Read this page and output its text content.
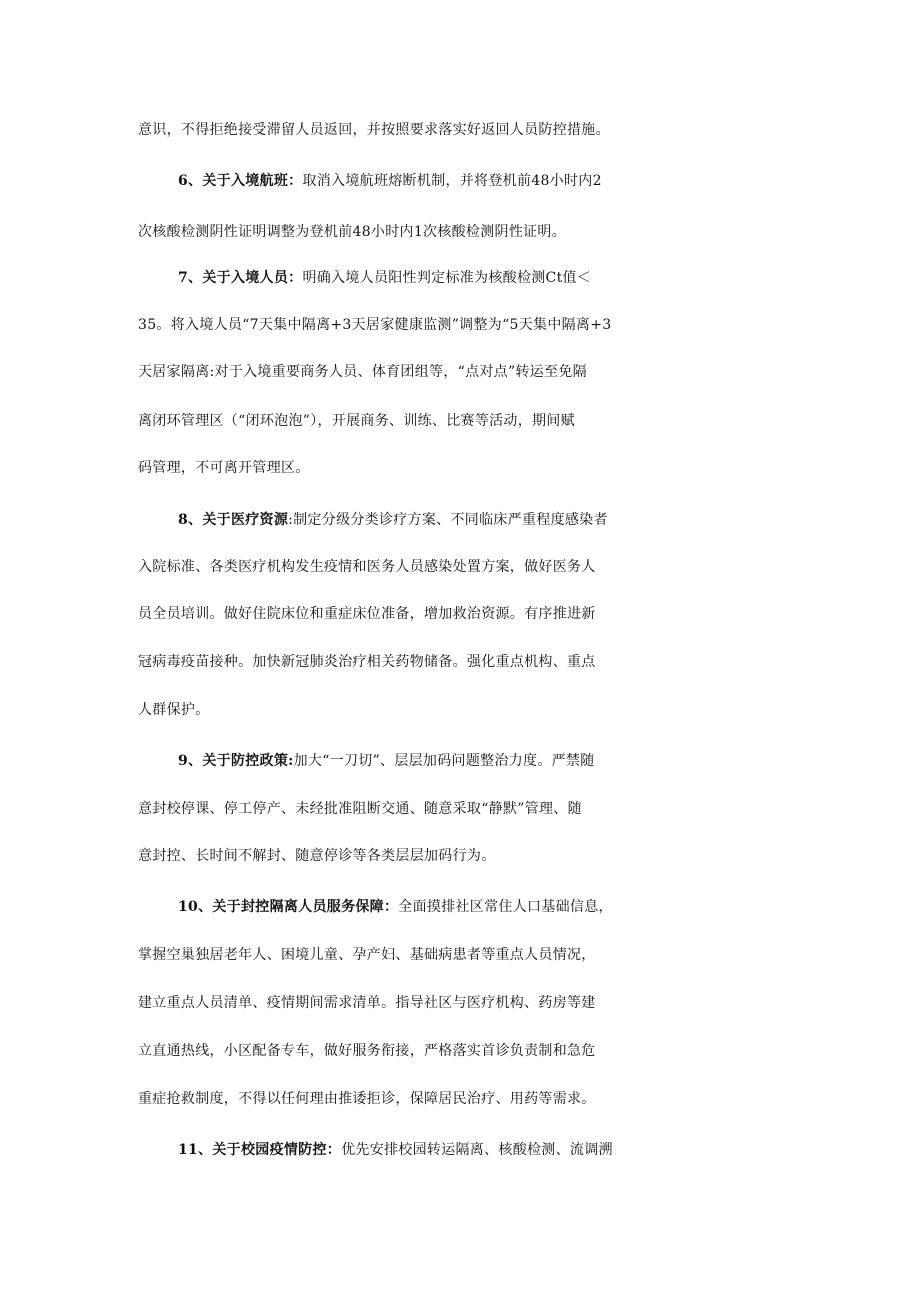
意识，不得拒绝接受滞留人员返回，并按照要求落实好返回人员防控措施。
6、关于入境航班：取消入境航班熔断机制，并将登机前48小时内2
次核酸检测阴性证明调整为登机前48小时内1次核酸检测阴性证明。
7、关于入境人员：明确入境人员阳性判定标准为核酸检测Ct值＜
35。将入境人员“7天集中隔离+3天居家健康监测”调整为“5天集中隔离+3
天居家隔离:对于入境重要商务人员、体育团组等，“点对点”转运至免隔
离闭环管理区（“闭环泡泡”），开展商务、训练、比赛等活动，期间赋
码管理，不可离开管理区。
8、关于医疗资源:制定分级分类诊疗方案、不同临床严重程度感染者
入院标准、各类医疗机构发生疫情和医务人员感染处置方案，做好医务人
员全员培训。做好住院床位和重症床位准备，增加救治资源。有序推进新
冠病毒疫苗接种。加快新冠肺炎治疗相关药物储备。强化重点机构、重点
人群保护。
9、关于防控政策:加大“一刀切”、层层加码问题整治力度。严禁随
意封校停课、停工停产、未经批准阻断交通、随意采取“静默”管理、随
意封控、长时间不解封、随意停诊等各类层层加码行为。
10、关于封控隔离人员服务保障：全面摸排社区常住人口基础信息，
掌握空巢独居老年人、困境儿童、孕产妇、基础病患者等重点人员情况，
建立重点人员清单、疫情期间需求清单。指导社区与医疗机构、药房等建
立直通热线，小区配备专车，做好服务衔接，严格落实首诊负责制和急危
重症抢救制度，不得以任何理由推诿拒诊，保障居民治疗、用药等需求。
11、关于校园疫情防控：优先安排校园转运隔离、核酸检测、流调溯
